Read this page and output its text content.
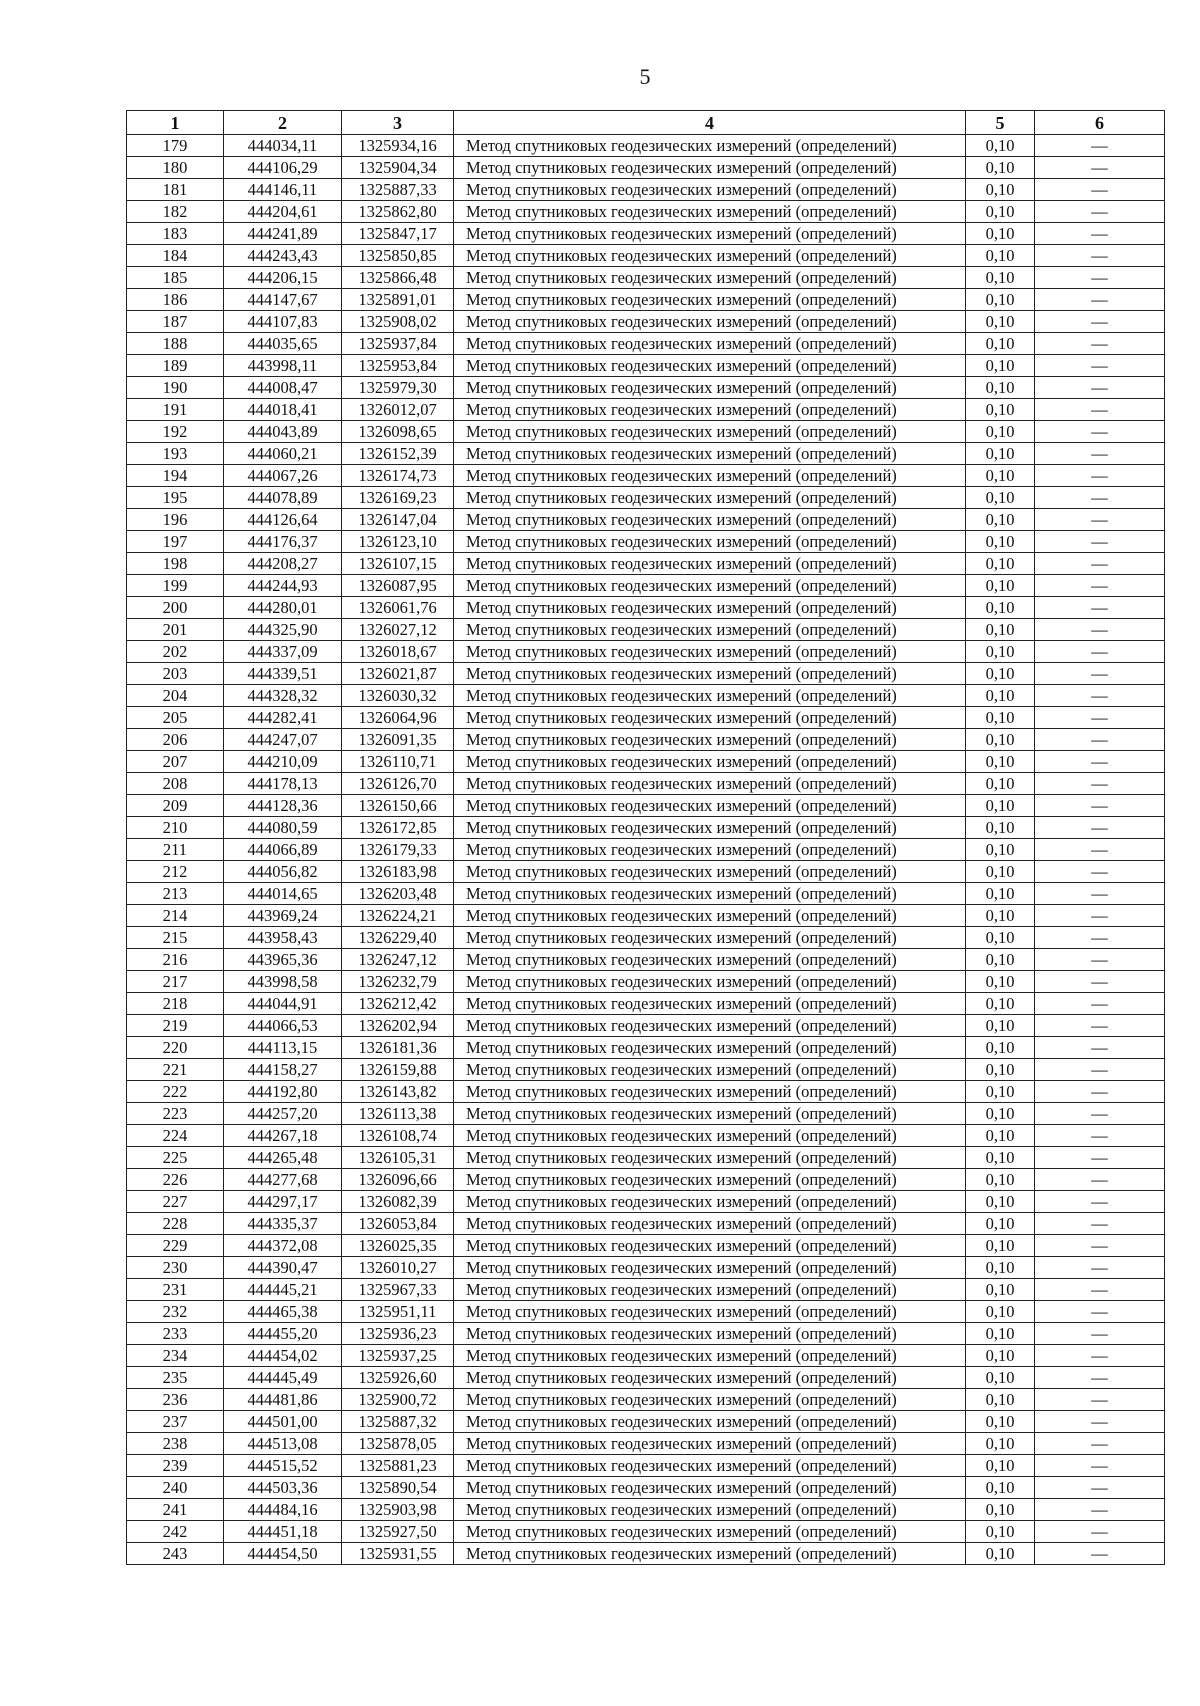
5
1	2	3	4	5	6
179	444034,11	1325934,16	Метод спутниковых геодезических измерений (определений)	0,10	—
180	444106,29	1325904,34	Метод спутниковых геодезических измерений (определений)	0,10	—
181	444146,11	1325887,33	Метод спутниковых геодезических измерений (определений)	0,10	—
182	444204,61	1325862,80	Метод спутниковых геодезических измерений (определений)	0,10	—
183	444241,89	1325847,17	Метод спутниковых геодезических измерений (определений)	0,10	—
184	444243,43	1325850,85	Метод спутниковых геодезических измерений (определений)	0,10	—
185	444206,15	1325866,48	Метод спутниковых геодезических измерений (определений)	0,10	—
186	444147,67	1325891,01	Метод спутниковых геодезических измерений (определений)	0,10	—
187	444107,83	1325908,02	Метод спутниковых геодезических измерений (определений)	0,10	—
188	444035,65	1325937,84	Метод спутниковых геодезических измерений (определений)	0,10	—
189	443998,11	1325953,84	Метод спутниковых геодезических измерений (определений)	0,10	—
190	444008,47	1325979,30	Метод спутниковых геодезических измерений (определений)	0,10	—
191	444018,41	1326012,07	Метод спутниковых геодезических измерений (определений)	0,10	—
192	444043,89	1326098,65	Метод спутниковых геодезических измерений (определений)	0,10	—
193	444060,21	1326152,39	Метод спутниковых геодезических измерений (определений)	0,10	—
194	444067,26	1326174,73	Метод спутниковых геодезических измерений (определений)	0,10	—
195	444078,89	1326169,23	Метод спутниковых геодезических измерений (определений)	0,10	—
196	444126,64	1326147,04	Метод спутниковых геодезических измерений (определений)	0,10	—
197	444176,37	1326123,10	Метод спутниковых геодезических измерений (определений)	0,10	—
198	444208,27	1326107,15	Метод спутниковых геодезических измерений (определений)	0,10	—
199	444244,93	1326087,95	Метод спутниковых геодезических измерений (определений)	0,10	—
200	444280,01	1326061,76	Метод спутниковых геодезических измерений (определений)	0,10	—
201	444325,90	1326027,12	Метод спутниковых геодезических измерений (определений)	0,10	—
202	444337,09	1326018,67	Метод спутниковых геодезических измерений (определений)	0,10	—
203	444339,51	1326021,87	Метод спутниковых геодезических измерений (определений)	0,10	—
204	444328,32	1326030,32	Метод спутниковых геодезических измерений (определений)	0,10	—
205	444282,41	1326064,96	Метод спутниковых геодезических измерений (определений)	0,10	—
206	444247,07	1326091,35	Метод спутниковых геодезических измерений (определений)	0,10	—
207	444210,09	1326110,71	Метод спутниковых геодезических измерений (определений)	0,10	—
208	444178,13	1326126,70	Метод спутниковых геодезических измерений (определений)	0,10	—
209	444128,36	1326150,66	Метод спутниковых геодезических измерений (определений)	0,10	—
210	444080,59	1326172,85	Метод спутниковых геодезических измерений (определений)	0,10	—
211	444066,89	1326179,33	Метод спутниковых геодезических измерений (определений)	0,10	—
212	444056,82	1326183,98	Метод спутниковых геодезических измерений (определений)	0,10	—
213	444014,65	1326203,48	Метод спутниковых геодезических измерений (определений)	0,10	—
214	443969,24	1326224,21	Метод спутниковых геодезических измерений (определений)	0,10	—
215	443958,43	1326229,40	Метод спутниковых геодезических измерений (определений)	0,10	—
216	443965,36	1326247,12	Метод спутниковых геодезических измерений (определений)	0,10	—
217	443998,58	1326232,79	Метод спутниковых геодезических измерений (определений)	0,10	—
218	444044,91	1326212,42	Метод спутниковых геодезических измерений (определений)	0,10	—
219	444066,53	1326202,94	Метод спутниковых геодезических измерений (определений)	0,10	—
220	444113,15	1326181,36	Метод спутниковых геодезических измерений (определений)	0,10	—
221	444158,27	1326159,88	Метод спутниковых геодезических измерений (определений)	0,10	—
222	444192,80	1326143,82	Метод спутниковых геодезических измерений (определений)	0,10	—
223	444257,20	1326113,38	Метод спутниковых геодезических измерений (определений)	0,10	—
224	444267,18	1326108,74	Метод спутниковых геодезических измерений (определений)	0,10	—
225	444265,48	1326105,31	Метод спутниковых геодезических измерений (определений)	0,10	—
226	444277,68	1326096,66	Метод спутниковых геодезических измерений (определений)	0,10	—
227	444297,17	1326082,39	Метод спутниковых геодезических измерений (определений)	0,10	—
228	444335,37	1326053,84	Метод спутниковых геодезических измерений (определений)	0,10	—
229	444372,08	1326025,35	Метод спутниковых геодезических измерений (определений)	0,10	—
230	444390,47	1326010,27	Метод спутниковых геодезических измерений (определений)	0,10	—
231	444445,21	1325967,33	Метод спутниковых геодезических измерений (определений)	0,10	—
232	444465,38	1325951,11	Метод спутниковых геодезических измерений (определений)	0,10	—
233	444455,20	1325936,23	Метод спутниковых геодезических измерений (определений)	0,10	—
234	444454,02	1325937,25	Метод спутниковых геодезических измерений (определений)	0,10	—
235	444445,49	1325926,60	Метод спутниковых геодезических измерений (определений)	0,10	—
236	444481,86	1325900,72	Метод спутниковых геодезических измерений (определений)	0,10	—
237	444501,00	1325887,32	Метод спутниковых геодезических измерений (определений)	0,10	—
238	444513,08	1325878,05	Метод спутниковых геодезических измерений (определений)	0,10	—
239	444515,52	1325881,23	Метод спутниковых геодезических измерений (определений)	0,10	—
240	444503,36	1325890,54	Метод спутниковых геодезических измерений (определений)	0,10	—
241	444484,16	1325903,98	Метод спутниковых геодезических измерений (определений)	0,10	—
242	444451,18	1325927,50	Метод спутниковых геодезических измерений (определений)	0,10	—
243	444454,50	1325931,55	Метод спутниковых геодезических измерений (определений)	0,10	—
